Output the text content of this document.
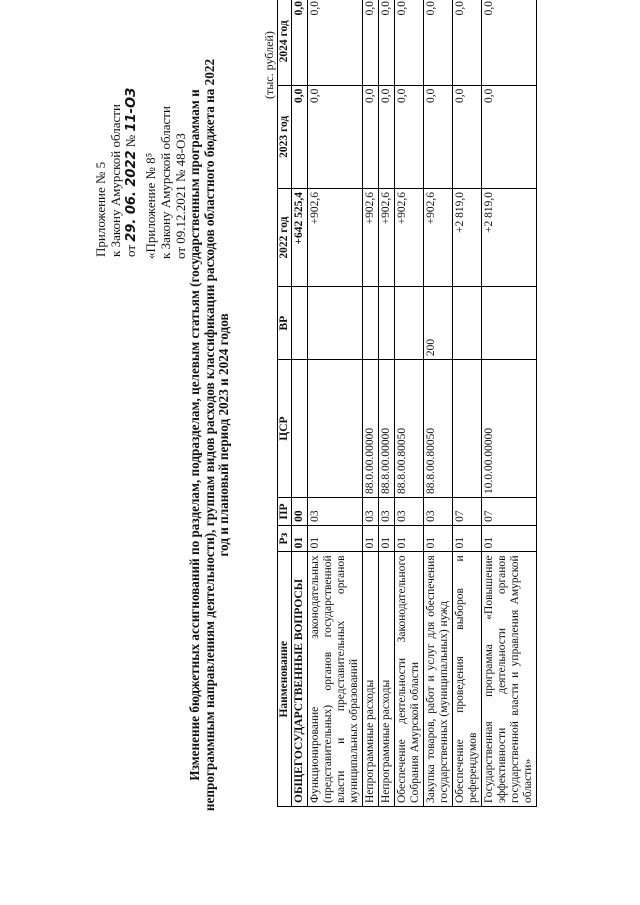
Приложение № 5 к Закону Амурской области от 29. 06. 2022 № 11-ОЗ
«Приложение № 8⁵ к Закону Амурской области от 09.12.2021 № 48-ОЗ Изменение бюджетных ассигнований по разделам, подразделам, целевым статьям (государственным программам и непрограммным направлениям деятельности), группам видов расходов классификации расходов областного бюджета на 2022 год и плановый период 2023 и 2024 годов
(тыс. рублей)
Наименование	Рз	ПР	ЦСР	ВР	2022 год	2023 год	2024 год
ОБЩЕГОСУДАРСТВЕННЫЕ ВОПРОСЫ	01	00			+642 525,4	0,0	0,0
Функционирование законодательных (представительных) органов государственной власти и представительных органов муниципальных образований	01	03			+902,6	0,0	0,0
Непрограммные расходы	01	03	88.0.00.00000		+902,6	0,0	0,0
Непрограммные расходы	01	03	88.8.00.00000		+902,6	0,0	0,0
Обеспечение деятельности Законодательного Собрания Амурской области	01	03	88.8.00.80050		+902,6	0,0	0,0
Закупка товаров, работ и услуг для обеспечения государственных (муниципальных) нужд	01	03	88.8.00.80050	200	+902,6	0,0	0,0
Обеспечение проведения выборов и референдумов	01	07			+2 819,0	0,0	0,0
Государственная программа «Повышение эффективности деятельности органов государственной власти и управления Амурской области»	01	07	10.0.00.00000		+2 819,0	0,0	0,0
